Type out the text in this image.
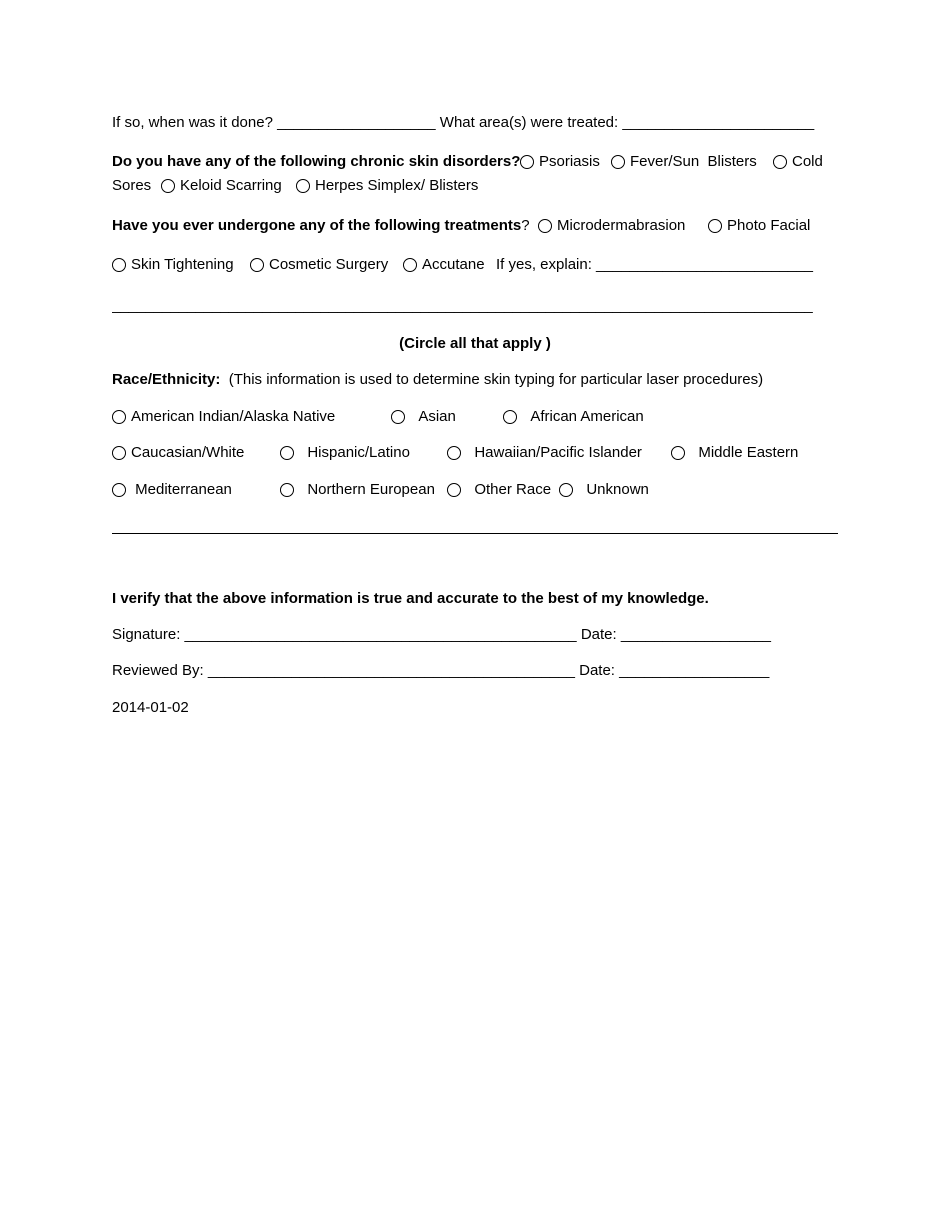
If so, when was it done? ___________________ What area(s) were treated: _______________________
Do you have any of the following chronic skin disorders?	Psoriasis	Fever/Sun  Blisters	Cold
Sores	Keloid Scarring	Herpes Simplex/ Blisters
Have you ever undergone any of the following treatments?	Microdermabrasion	Photo Facial
Skin Tightening	Cosmetic Surgery	Accutane If yes, explain: __________________________
____________________________________________________________________________________
(Circle all that apply )
Race/Ethnicity: (This information is used to determine skin typing for particular laser procedures)
American Indian/Alaska Native	Asian	African American
Caucasian/White	Hispanic/Latino	Hawaiian/Pacific Islander	Middle Eastern
Mediterranean	Northern European	Other Race	Unknown
I verify that the above information is true and accurate to the best of my knowledge.
Signature: _______________________________________________ Date: __________________
Reviewed By: ____________________________________________ Date: __________________
2014-01-02
